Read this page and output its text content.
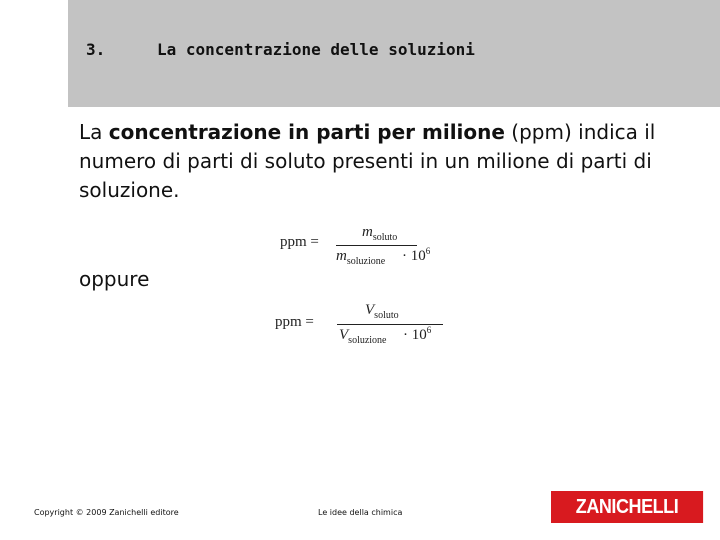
3.	La concentrazione delle soluzioni
La concentrazione in parti per milione (ppm) indica il numero di parti di soluto presenti in un milione di parti di soluzione.
ppm =
$m_{soluto}$
$m_{soluzione} \cdot 10^6$
oppure
ppm =
$V_{soluto}$
$V_{soluzione} \cdot 10^6$
Copyright © 2009 Zanichelli editore	Le idee della chimica	ZANICHELLI
